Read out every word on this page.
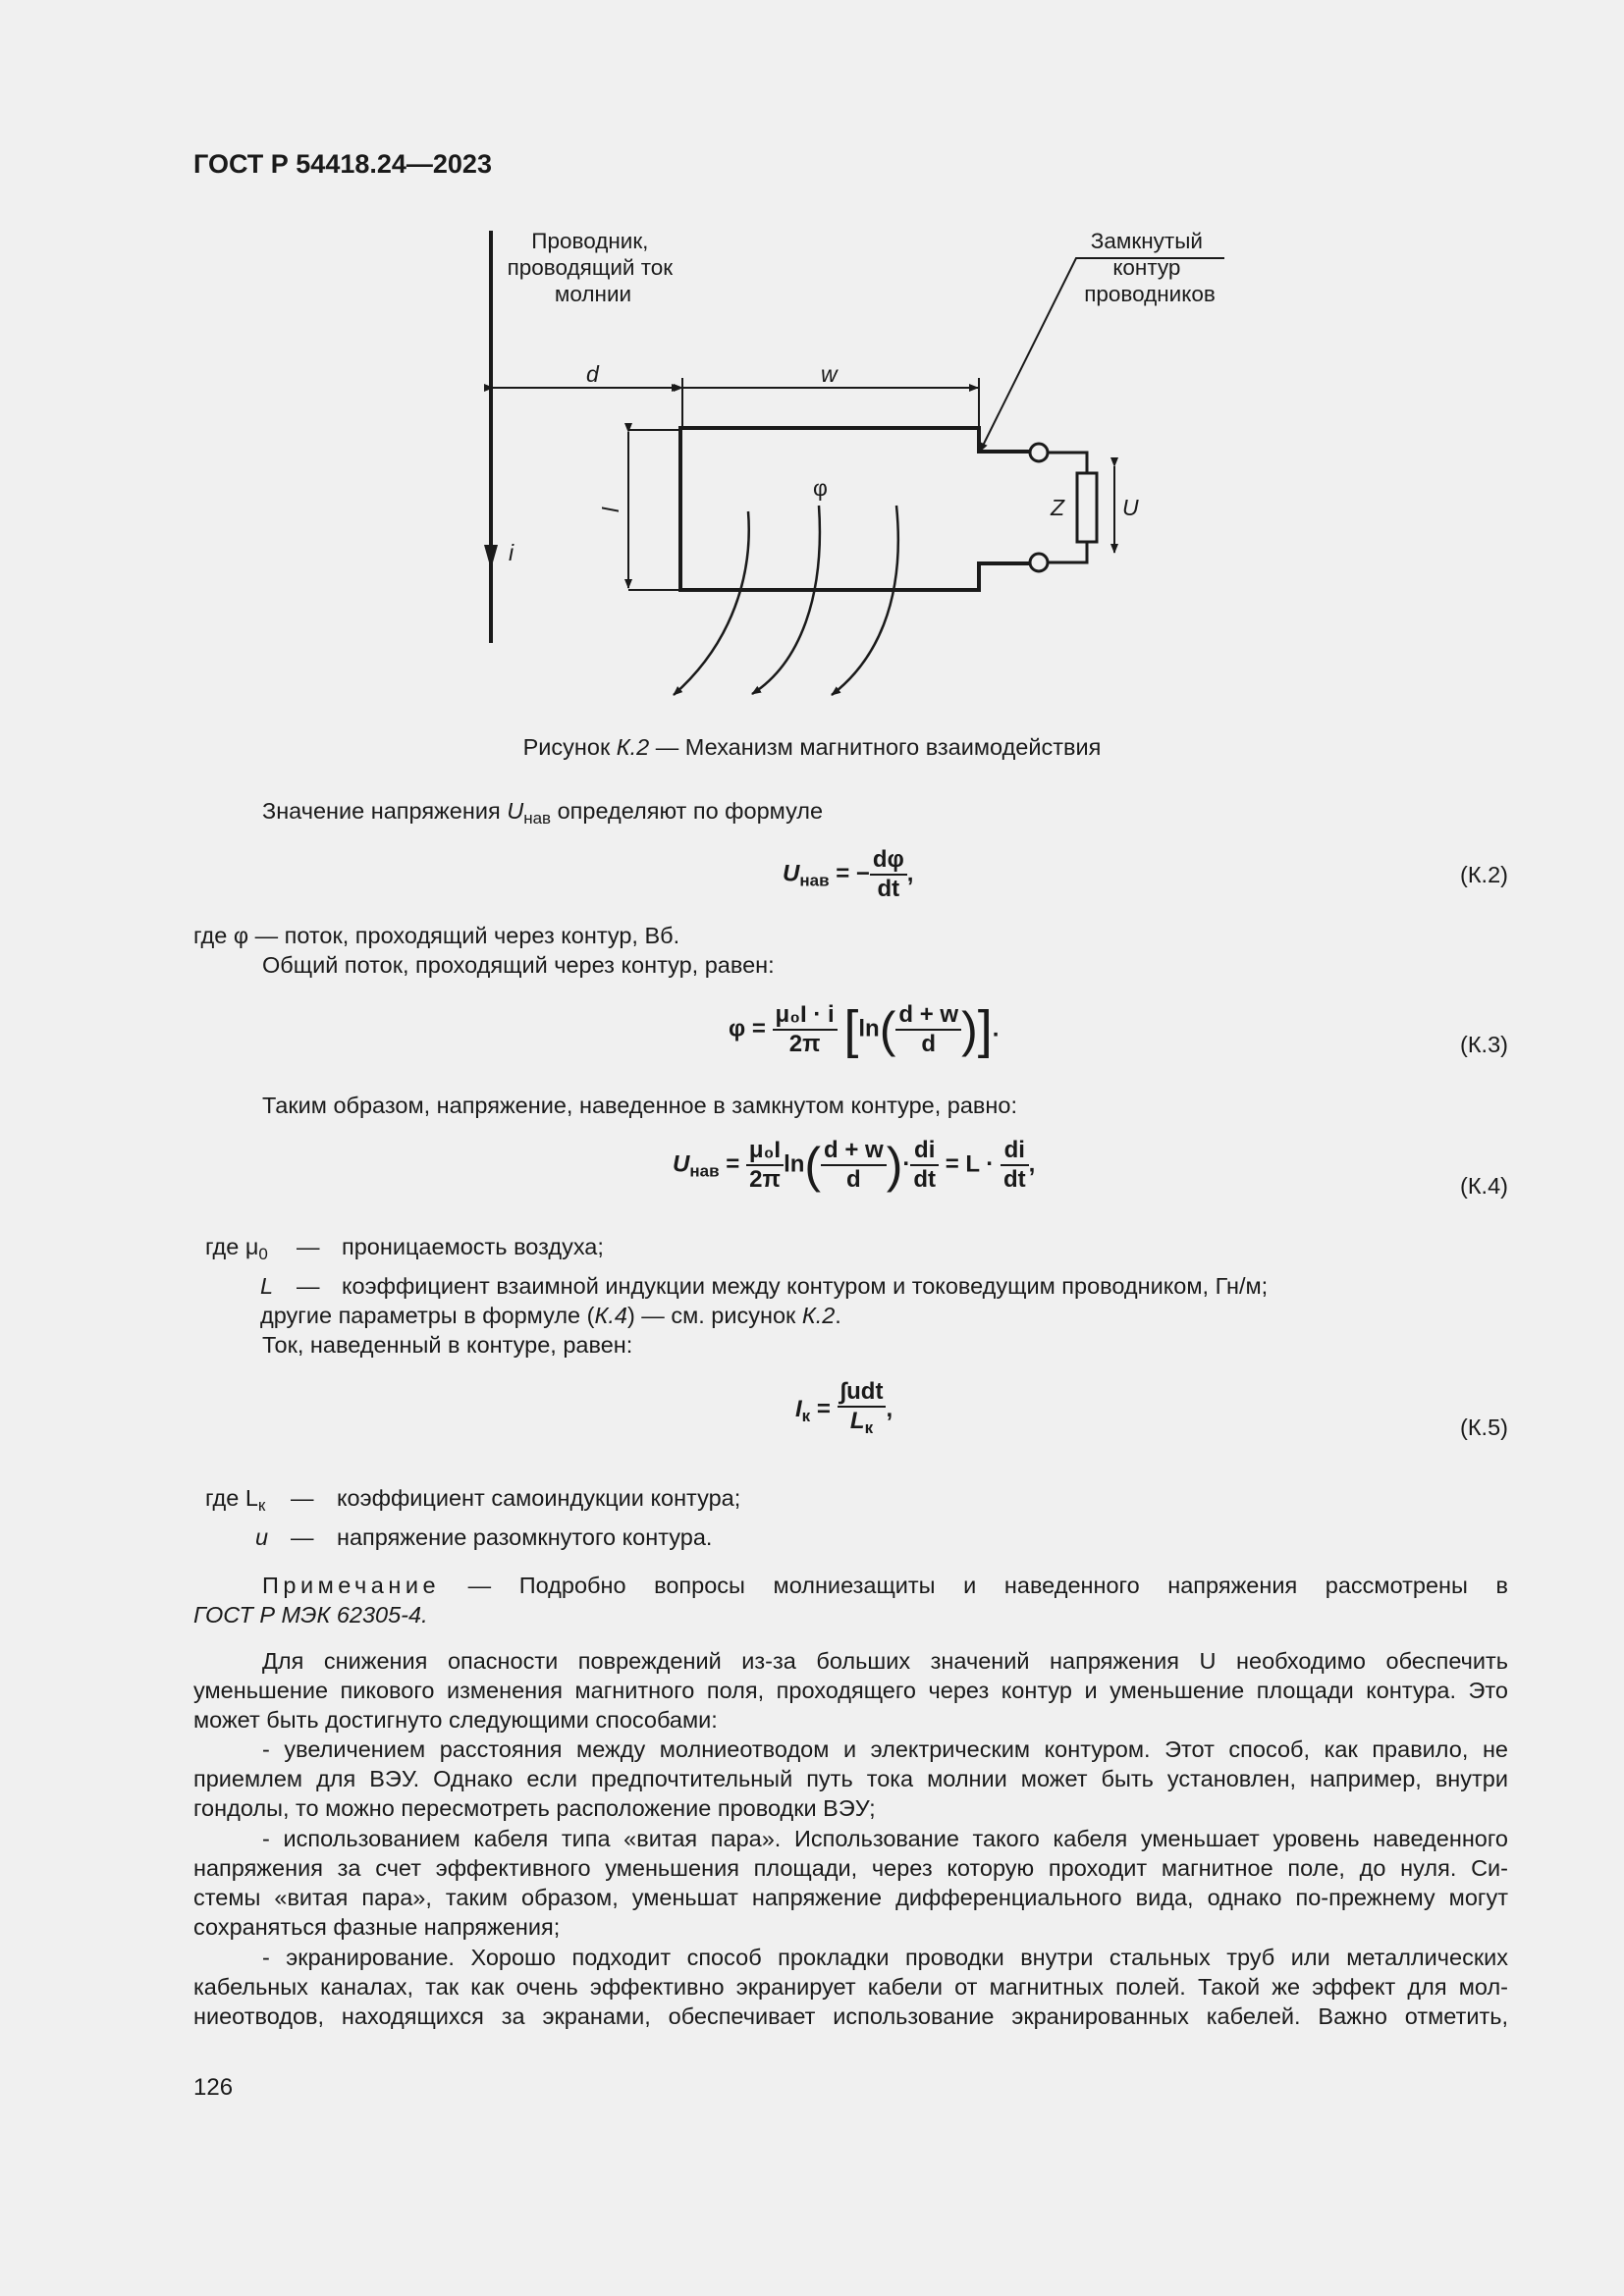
ГОСТ Р 54418.24—2023
Проводник, проводящий ток молнии
Замкнутый контур проводников
d	w
l
i
Z	U
φ
Рисунок К.2 — Механизм магнитного взаимодействия
Значение напряжения $U_{нав}$ определяют по формуле
$U_{нав}$ = − $\frac{d\varphi}{dt}$ ,	(К.2)
где φ — поток, проходящий через контур, Вб.
Общий поток, проходящий через контур, равен:
$\varphi = \frac{\text{μ₀I · i}}{2\pi} [\ln( \frac{d + w}{d}$ )].
(К.3)
Таким образом, напряжение, наведенное в замкнутом контуре, равно:
$U_{нав} = \frac{\text{μ₀I}}{2\pi} \ln( \frac{d + w}{d}$ )· $\frac{di}{dt} = L \cdot \frac{di}{dt}$ ,
(К.4)
где $\mu_0$ — проницаемость воздуха;
L — коэффициент взаимной индукции между контуром и токоведущим проводником, Гн/м;
другие параметры в формуле (К.4) — см. рисунок К.2.
Ток, наведенный в контуре, равен:
$I_к = \frac{\text{∫udt}}{L_к}$ ,
(К.5)
где $L_к$ — коэффициент самоиндукции контура;
u — напряжение разомкнутого контура.
Примечание — Подробно вопросы молниезащиты и наведенного напряжения рассмотрены в
ГОСТ Р МЭК 62305-4.
Для снижения опасности повреждений из-за больших значений напряжения U необходимо обеспечить
уменьшение пикового изменения магнитного поля, проходящего через контур и уменьшение площади контура. Это
может быть достигнуто следующими способами:
- увеличением расстояния между молниеотводом и электрическим контуром. Этот способ, как правило, не
приемлем для ВЭУ. Однако если предпочтительный путь тока молнии может быть установлен, например, внутри
гондолы, то можно пересмотреть расположение проводки ВЭУ;
- использованием кабеля типа «витая пара». Использование такого кабеля уменьшает уровень наведенного
напряжения за счет эффективного уменьшения площади, через которую проходит магнитное поле, до нуля. Си-
стемы «витая пара», таким образом, уменьшат напряжение дифференциального вида, однако по-прежнему могут
сохраняться фазные напряжения;
- экранирование. Хорошо подходит способ прокладки проводки внутри стальных труб или металлических
кабельных каналах, так как очень эффективно экранирует кабели от магнитных полей. Такой же эффект для мол-
ниеотводов, находящихся за экранами, обеспечивает использование экранированных кабелей. Важно отметить,
126
